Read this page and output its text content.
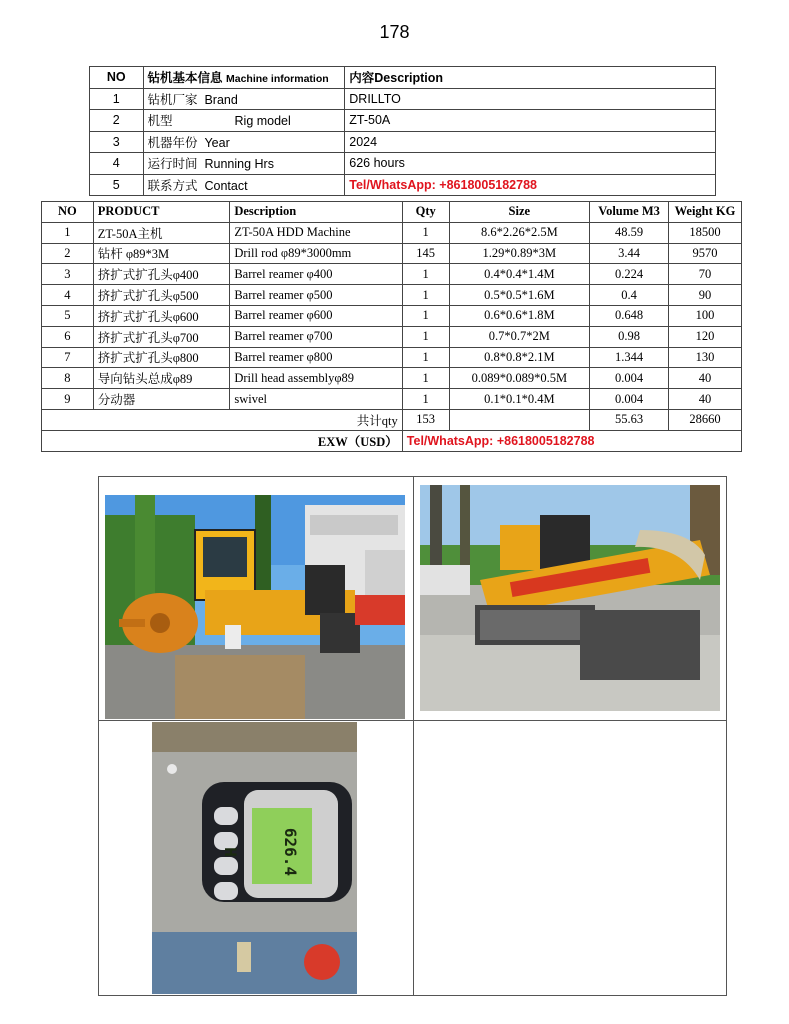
178
NO	钻机基本信息 Machine information	内容Description
1	钻机厂家 Brand	DRILLTO
2	机型 Rig model	ZT-50A
3	机器年份 Year	2024
4	运行时间 Running Hrs	626 hours
5	联系方式 Contact	Tel/WhatsApp: +8618005182788
NO	PRODUCT	Description	Qty	Size	Volume M3	Weight KG
1	ZT-50A主机	ZT-50A HDD Machine	1	8.6*2.26*2.5M	48.59	18500
2	钻杆 φ89*3M	Drill rod φ89*3000mm	145	1.29*0.89*3M	3.44	9570
3	挤扩式扩孔头φ400	Barrel reamer φ400	1	0.4*0.4*1.4M	0.224	70
4	挤扩式扩孔头φ500	Barrel reamer φ500	1	0.5*0.5*1.6M	0.4	90
5	挤扩式扩孔头φ600	Barrel reamer φ600	1	0.6*0.6*1.8M	0.648	100
6	挤扩式扩孔头φ700	Barrel reamer φ700	1	0.7*0.7*2M	0.98	120
7	挤扩式扩孔头φ800	Barrel reamer φ800	1	0.8*0.8*2.1M	1.344	130
8	导向钻头总成φ89	Drill head assemblyφ89	1	0.089*0.089*0.5M	0.004	40
9	分动器	swivel	1	0.1*0.1*0.4M	0.004	40
共计qty			153		55.63	28660
EXW（USD）			Tel/WhatsApp: +8618005182788			
626.4 H
